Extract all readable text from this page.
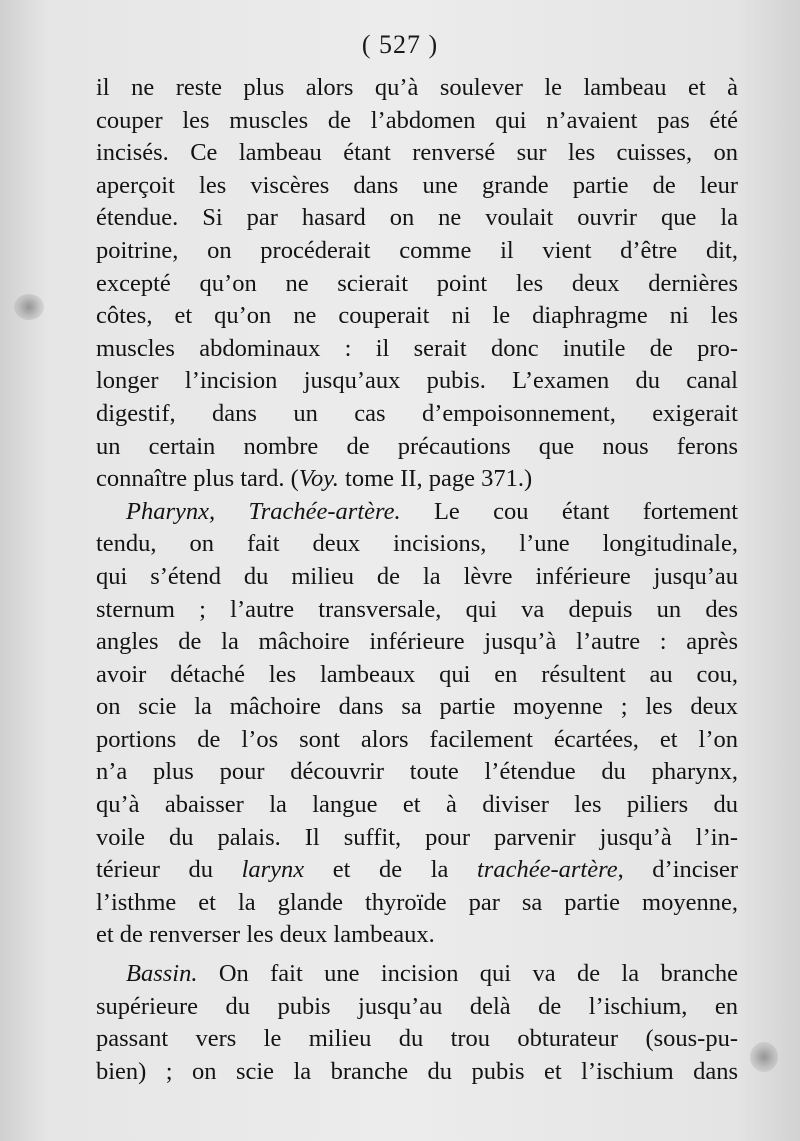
( 527 )
il ne reste plus alors qu’à soulever le lambeau et à
couper les muscles de l’abdomen qui n’avaient pas été
incisés. Ce lambeau étant renversé sur les cuisses, on
aperçoit les viscères dans une grande partie de leur
étendue. Si par hasard on ne voulait ouvrir que la
poitrine, on procéderait comme il vient d’être dit,
excepté qu’on ne scierait point les deux dernières
côtes, et qu’on ne couperait ni le diaphragme ni les
muscles abdominaux : il serait donc inutile de pro-
longer l’incision jusqu’aux pubis. L’examen du canal
digestif, dans un cas d’empoisonnement, exigerait
un certain nombre de précautions que nous ferons
connaître plus tard. (Voy. tome II, page 371.)
Pharynx, Trachée-artère. Le cou étant fortement
tendu, on fait deux incisions, l’une longitudinale,
qui s’étend du milieu de la lèvre inférieure jusqu’au
sternum ; l’autre transversale, qui va depuis un des
angles de la mâchoire inférieure jusqu’à l’autre : après
avoir détaché les lambeaux qui en résultent au cou,
on scie la mâchoire dans sa partie moyenne ; les deux
portions de l’os sont alors facilement écartées, et l’on
n’a plus pour découvrir toute l’étendue du pharynx,
qu’à abaisser la langue et à diviser les piliers du
voile du palais. Il suffit, pour parvenir jusqu’à l’in-
térieur du larynx et de la trachée-artère, d’inciser
l’isthme et la glande thyroïde par sa partie moyenne,
et de renverser les deux lambeaux.
Bassin. On fait une incision qui va de la branche
supérieure du pubis jusqu’au delà de l’ischium, en
passant vers le milieu du trou obturateur (sous-pu-
bien) ; on scie la branche du pubis et l’ischium dans
